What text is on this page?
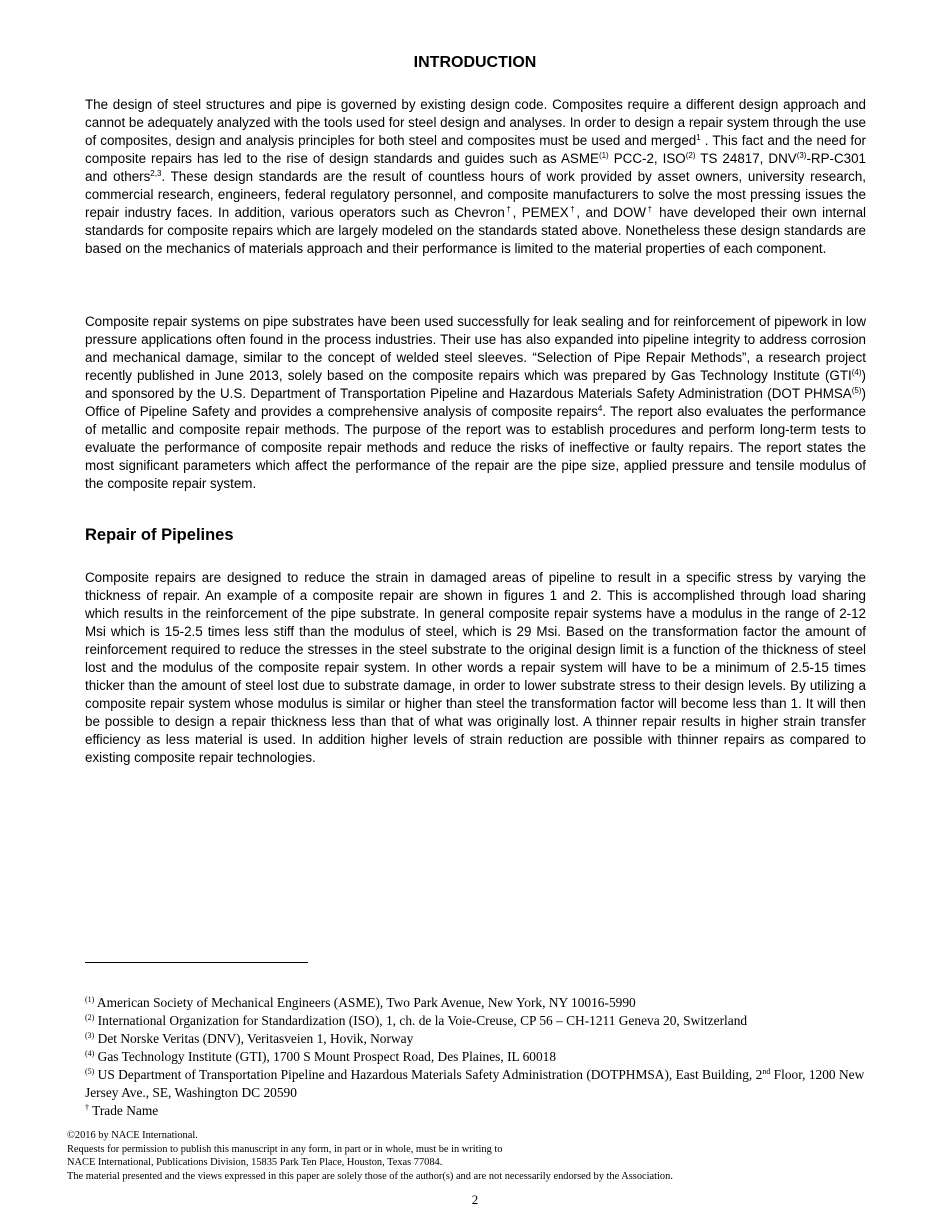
INTRODUCTION

The design of steel structures and pipe is governed by existing design code. Composites require a different design approach and cannot be adequately analyzed with the tools used for steel design and analyses. In order to design a repair system through the use of composites, design and analysis principles for both steel and composites must be used and merged$^1$ . This fact and the need for composite repairs has led to the rise of design standards and guides such as ASME$^{(1)}$ PCC-2, ISO$^{(2)}$ TS 24817, DNV$^{(3)}$-RP-C301 and others$^{2,3}$. These design standards are the result of countless hours of work provided by asset owners, university research, commercial research, engineers, federal regulatory personnel, and composite manufacturers to solve the most pressing issues the repair industry faces. In addition, various operators such as Chevron†, PEMEX†, and DOW† have developed their own internal standards for composite repairs which are largely modeled on the standards stated above. Nonetheless these design standards are based on the mechanics of materials approach and their performance is limited to the material properties of each component.

Composite repair systems on pipe substrates have been used successfully for leak sealing and for reinforcement of pipework in low pressure applications often found in the process industries. Their use has also expanded into pipeline integrity to address corrosion and mechanical damage, similar to the concept of welded steel sleeves. “Selection of Pipe Repair Methods”, a research project recently published in June 2013, solely based on the composite repairs which was prepared by Gas Technology Institute (GTI$^{(4)}$) and sponsored by the U.S. Department of Transportation Pipeline and Hazardous Materials Safety Administration (DOT PHMSA$^{(5)}$) Office of Pipeline Safety and provides a comprehensive analysis of composite repairs$^4$. The report also evaluates the performance of metallic and composite repair methods. The purpose of the report was to establish procedures and perform long-term tests to evaluate the performance of composite repair methods and reduce the risks of ineffective or faulty repairs. The report states the most significant parameters which affect the performance of the repair are the pipe size, applied pressure and tensile modulus of the composite repair system.

Repair of Pipelines

Composite repairs are designed to reduce the strain in damaged areas of pipeline to result in a specific stress by varying the thickness of repair. An example of a composite repair are shown in figures 1 and 2. This is accomplished through load sharing which results in the reinforcement of the pipe substrate. In general composite repair systems have a modulus in the range of 2-12 Msi which is 15-2.5 times less stiff than the modulus of steel, which is 29 Msi. Based on the transformation factor the amount of reinforcement required to reduce the stresses in the steel substrate to the original design limit is a function of the thickness of steel lost and the modulus of the composite repair system. In other words a repair system will have to be a minimum of 2.5-15 times thicker than the amount of steel lost due to substrate damage, in order to lower substrate stress to their design levels. By utilizing a composite repair system whose modulus is similar or higher than steel the transformation factor will become less than 1. It will then be possible to design a repair thickness less than that of what was originally lost. A thinner repair results in higher strain transfer efficiency as less material is used. In addition higher levels of strain reduction are possible with thinner repairs as compared to existing composite repair technologies.

$^{(1)}$ American Society of Mechanical Engineers (ASME), Two Park Avenue, New York, NY 10016-5990
$^{(2)}$ International Organization for Standardization (ISO), 1, ch. de la Voie-Creuse, CP 56 – CH-1211 Geneva 20, Switzerland
$^{(3)}$ Det Norske Veritas (DNV), Veritasveien 1, Hovik, Norway
$^{(4)}$ Gas Technology Institute (GTI), 1700 S Mount Prospect Road, Des Plaines, IL 60018
$^{(5)}$ US Department of Transportation Pipeline and Hazardous Materials Safety Administration (DOTPHMSA), East Building, 2nd Floor, 1200 New Jersey Ave., SE, Washington DC 20590
† Trade Name
©2016 by NACE International.
Requests for permission to publish this manuscript in any form, in part or in whole, must be in writing to
NACE International, Publications Division, 15835 Park Ten Place, Houston, Texas 77084.
The material presented and the views expressed in this paper are solely those of the author(s) and are not necessarily endorsed by the Association.
2
